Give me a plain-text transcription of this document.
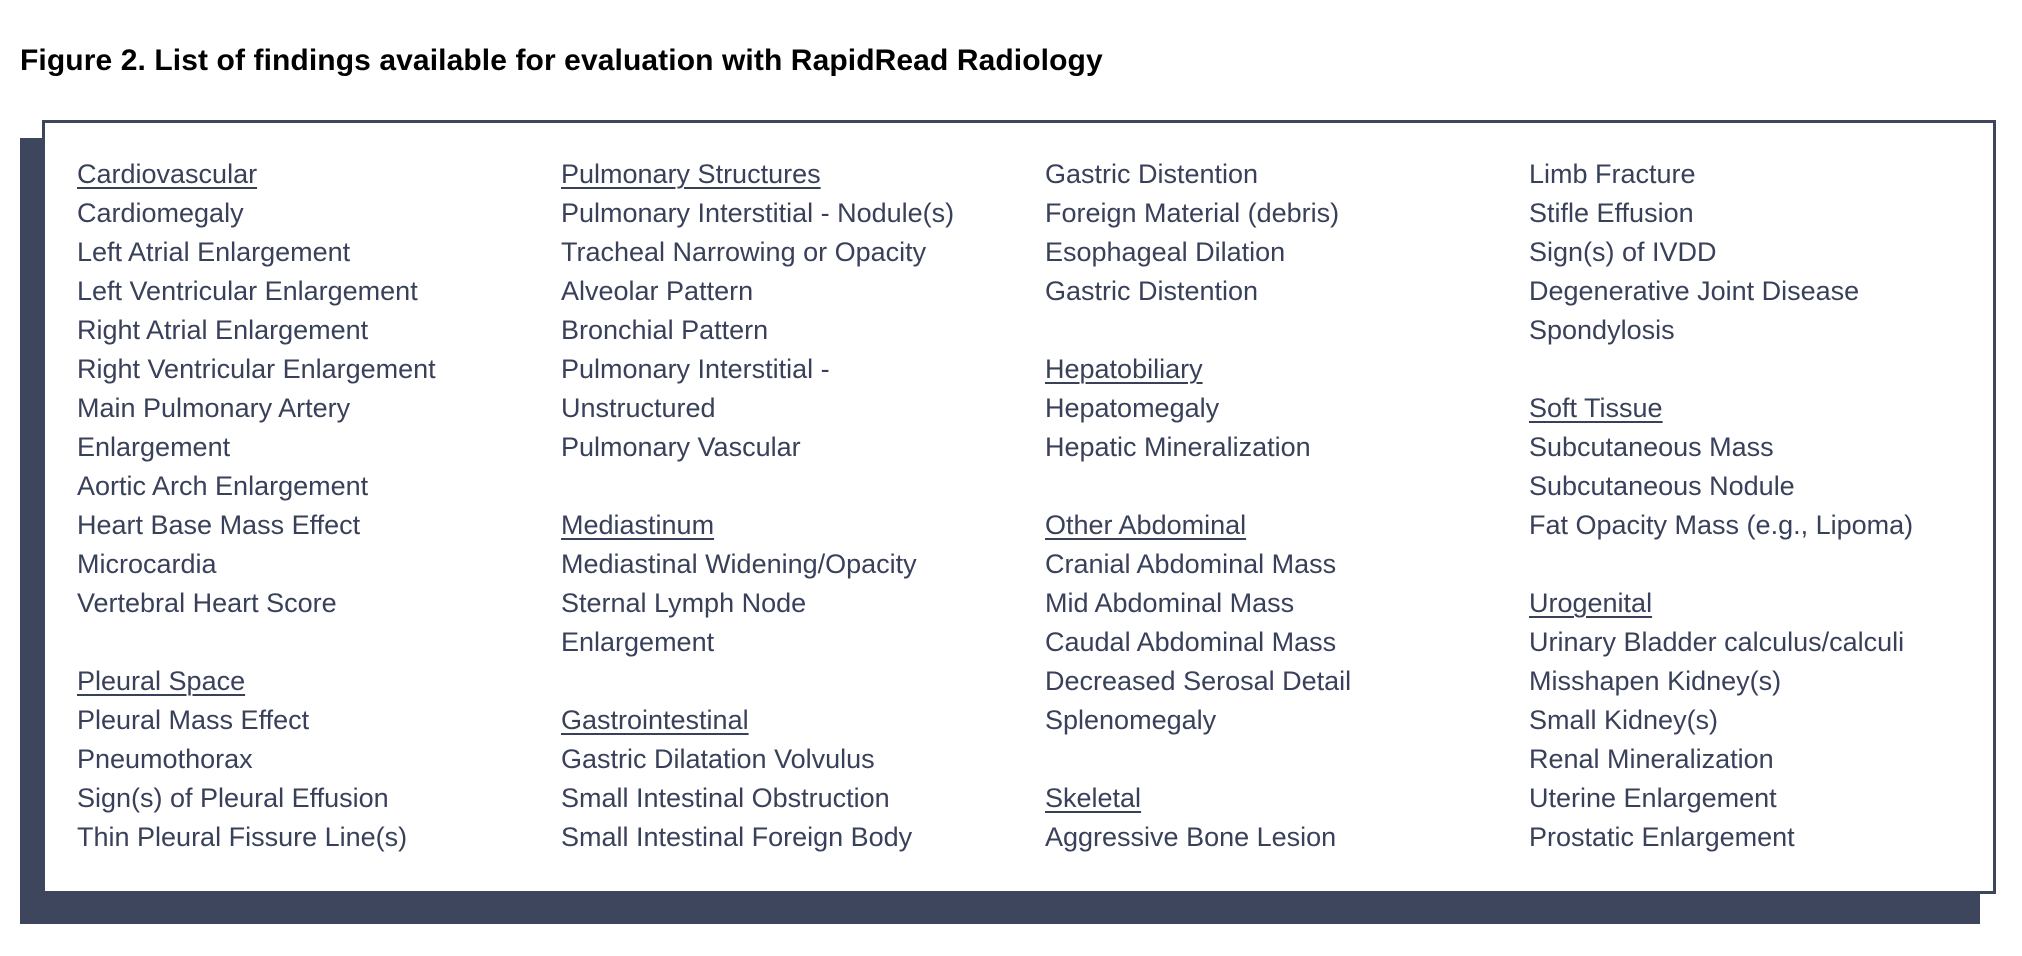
Figure 2. List of findings available for evaluation with RapidRead Radiology
Cardiovascular
Cardiomegaly
Left Atrial Enlargement
Left Ventricular Enlargement
Right Atrial Enlargement
Right Ventricular Enlargement
Main Pulmonary Artery
Enlargement
Aortic Arch Enlargement
Heart Base Mass Effect
Microcardia
Vertebral Heart Score
Pleural Space
Pleural Mass Effect
Pneumothorax
Sign(s) of Pleural Effusion
Thin Pleural Fissure Line(s)
Pulmonary Structures
Pulmonary Interstitial - Nodule(s)
Tracheal Narrowing or Opacity
Alveolar Pattern
Bronchial Pattern
Pulmonary Interstitial -
Unstructured
Pulmonary Vascular
Mediastinum
Mediastinal Widening/Opacity
Sternal Lymph Node
Enlargement
Gastrointestinal
Gastric Dilatation Volvulus
Small Intestinal Obstruction
Small Intestinal Foreign Body
Gastric Distention
Foreign Material (debris)
Esophageal Dilation
Gastric Distention
Hepatobiliary
Hepatomegaly
Hepatic Mineralization
Other Abdominal
Cranial Abdominal Mass
Mid Abdominal Mass
Caudal Abdominal Mass
Decreased Serosal Detail
Splenomegaly
Skeletal
Aggressive Bone Lesion
Limb Fracture
Stifle Effusion
Sign(s) of IVDD
Degenerative Joint Disease
Spondylosis
Soft Tissue
Subcutaneous Mass
Subcutaneous Nodule
Fat Opacity Mass (e.g., Lipoma)
Urogenital
Urinary Bladder calculus/calculi
Misshapen Kidney(s)
Small Kidney(s)
Renal Mineralization
Uterine Enlargement
Prostatic Enlargement
